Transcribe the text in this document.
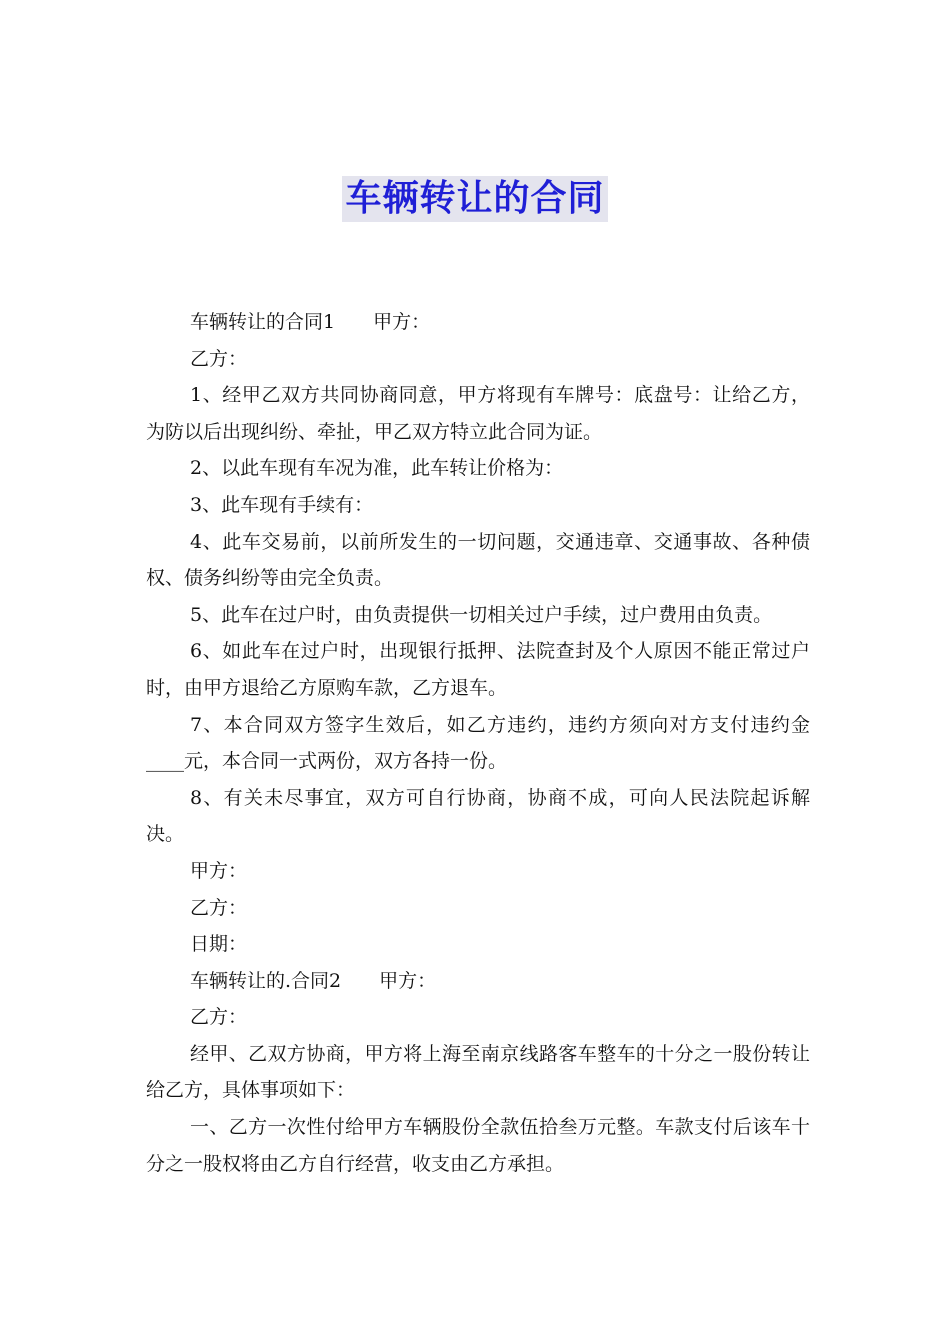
车辆转让的合同

车辆转让的合同1　　甲方：

乙方：

1、经甲乙双方共同协商同意，甲方将现有车牌号：底盘号：让给乙方，为防以后出现纠纷、牵扯，甲乙双方特立此合同为证。

2、以此车现有车况为准，此车转让价格为：

3、此车现有手续有：

4、此车交易前，以前所发生的一切问题，交通违章、交通事故、各种债权、债务纠纷等由完全负责。

5、此车在过户时，由负责提供一切相关过户手续，过户费用由负责。

6、如此车在过户时，出现银行抵押、法院查封及个人原因不能正常过户时，由甲方退给乙方原购车款，乙方退车。

7、本合同双方签字生效后，如乙方违约，违约方须向对方支付违约金____元，本合同一式两份，双方各持一份。

8、有关未尽事宜，双方可自行协商，协商不成，可向人民法院起诉解决。

甲方：

乙方：

日期：

车辆转让的.合同2　　甲方：

乙方：

经甲、乙双方协商，甲方将上海至南京线路客车整车的十分之一股份转让给乙方，具体事项如下：

一、乙方一次性付给甲方车辆股份全款伍拾叁万元整。车款支付后该车十分之一股权将由乙方自行经营，收支由乙方承担。
